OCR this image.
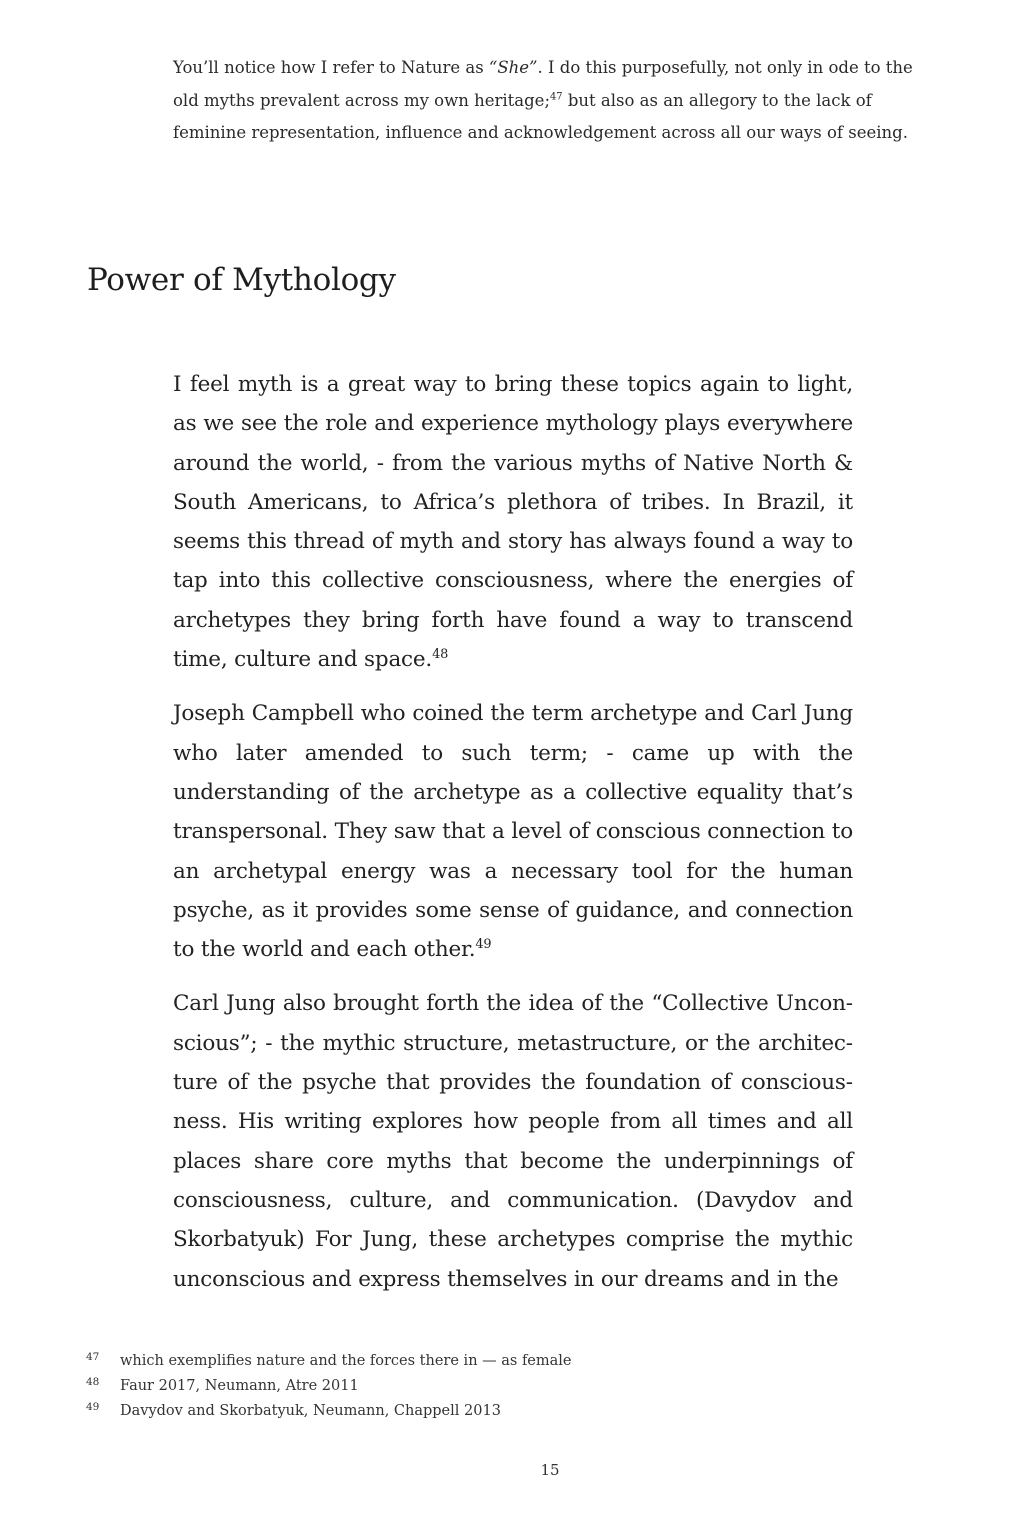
You’ll notice how I refer to Nature as “She”. I do this purposefully, not only in ode to the old myths prevalent across my own heritage;$^{47}$ but also as an allegory to the lack of feminine representation, influence and acknowledgement across all our ways of seeing.

Power of Mythology

I feel myth is a great way to bring these topics again to light, as we see the role and experience mythology plays everywhere around the world, - from the various myths of Native North & South Americans, to Africa’s plethora of tribes. In Brazil, it seems this thread of myth and story has always found a way to tap into this collective consciousness, where the energies of archetypes they bring forth have found a way to transcend time, culture and space.$^{48}$

Joseph Campbell who coined the term archetype and Carl Jung who later amended to such term; - came up with the understanding of the archetype as a collective equality that’s transpersonal. They saw that a level of conscious connection to an archetypal energy was a necessary tool for the human psyche, as it provides some sense of guidance, and connection to the world and each other.$^{49}$

Carl Jung also brought forth the idea of the “Collective Unconscious”; - the mythic structure, metastructure, or the architecture of the psyche that provides the foundation of consciousness. His writing explores how people from all times and all places share core myths that become the underpinnings of consciousness, culture, and communication. (Davydov and Skorbatyuk) For Jung, these archetypes comprise the mythic unconscious and express themselves in our dreams and in the

47	which exemplifies nature and the forces there in — as female
48	Faur 2017, Neumann, Atre 2011
49	Davydov and Skorbatyuk, Neumann, Chappell 2013
15
